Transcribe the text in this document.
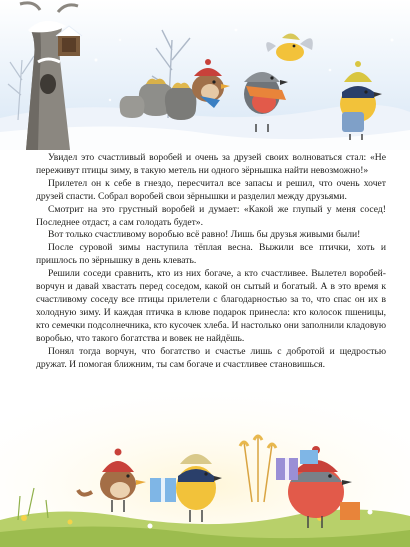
Увидел это счастливый воробей и очень за друзей своих волноваться стал: «Не переживут птицы зиму, в такую метель ни одного зёрнышка найти невозможно!»

Прилетел он к себе в гнездо, пересчитал все запасы и решил, что очень хочет друзей спасти. Собрал воробей свои зёрнышки и разделил между друзьями.

Смотрит на это грустный воробей и думает: «Какой же глупый у меня сосед! Последнее отдаст, а сам голодать будет».

Вот только счастливому воробью всё равно! Лишь бы друзья живыми были!

После суровой зимы наступила тёплая весна. Выжили все птички, хоть и пришлось по зёрнышку в день клевать.

Решили соседи сравнить, кто из них богаче, а кто счастливее. Вылетел воробей-ворчун и давай хвастать перед соседом, какой он сытый и богатый. А в это время к счастливому соседу все птицы прилетели с благодарностью за то, что спас он их в холодную зиму. И каждая птичка в клюве подарок принесла: кто колосок пшеницы, кто семечки подсолнечника, кто кусочек хлеба. И настолько они заполнили кладовую воробью, что такого богатства и вовек не найдёшь.

Понял тогда ворчун, что богатство и счастье лишь с добротой и щедростью дружат. И помогая ближним, ты сам богаче и счастливее становишься.
